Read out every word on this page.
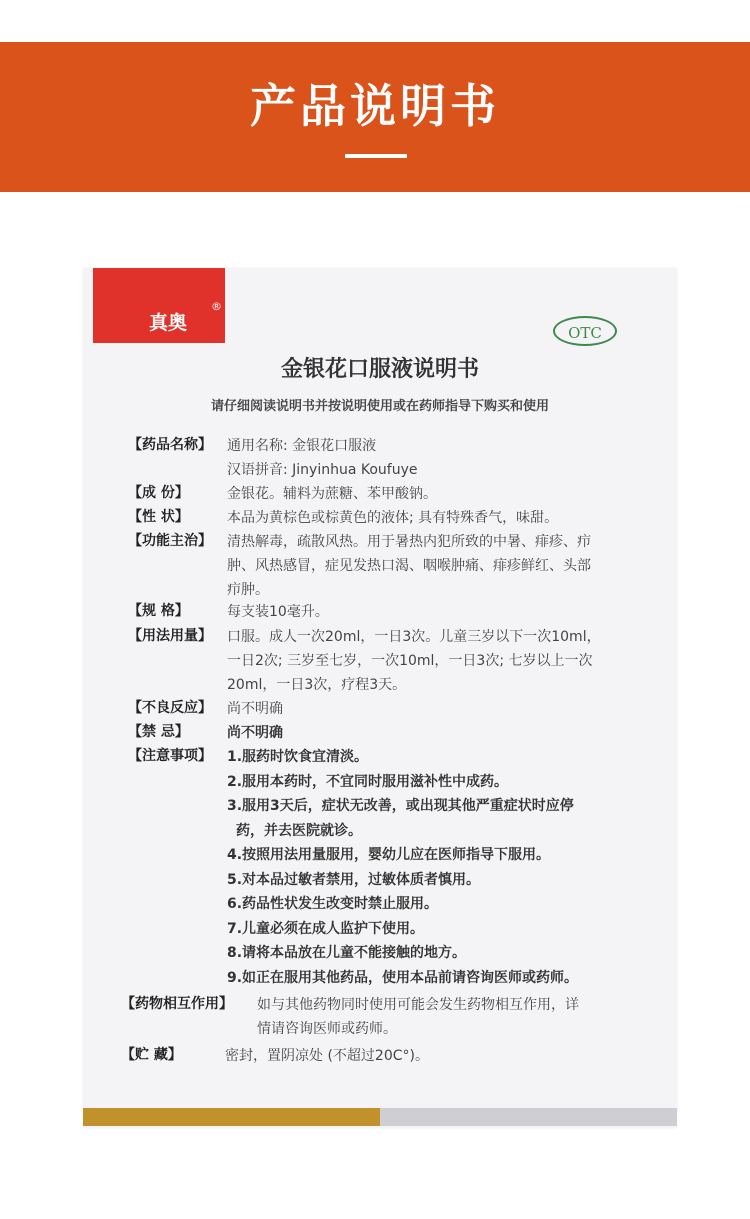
产品说明书
真奥
®
OTC
金银花口服液说明书
请仔细阅读说明书并按说明使用或在药师指导下购买和使用
【药品名称】 通用名称: 金银花口服液
汉语拼音: Jinyinhua Koufuye
【成 份】	金银花。辅料为蔗糖、苯甲酸钠。
【性 状】	本品为黄棕色或棕黄色的液体; 具有特殊香气，味甜。
【功能主治】 清热解毒，疏散风热。用于暑热内犯所致的中暑、痱疹、疖
肿、风热感冒，症见发热口渴、咽喉肿痛、痱疹鲜红、头部
疖肿。
【规 格】	每支装10毫升。
【用法用量】 口服。成人一次20ml，一日3次。儿童三岁以下一次10ml，
一日2次; 三岁至七岁，一次10ml，一日3次; 七岁以上一次
20ml，一日3次，疗程3天。
【不良反应】 尚不明确
【禁 忌】	尚不明确
【注意事项】 1.服药时饮食宜清淡。
2.服用本药时，不宜同时服用滋补性中成药。
3.服用3天后，症状无改善，或出现其他严重症状时应停
药，并去医院就诊。
4.按照用法用量服用，婴幼儿应在医师指导下服用。
5.对本品过敏者禁用，过敏体质者慎用。
6.药品性状发生改变时禁止服用。
7.儿童必须在成人监护下使用。
8.请将本品放在儿童不能接触的地方。
9.如正在服用其他药品，使用本品前请咨询医师或药师。
【药物相互作用】 如与其他药物同时使用可能会发生药物相互作用，详
情请咨询医师或药师。
【贮 藏】	密封，置阴凉处 (不超过20C°)。
